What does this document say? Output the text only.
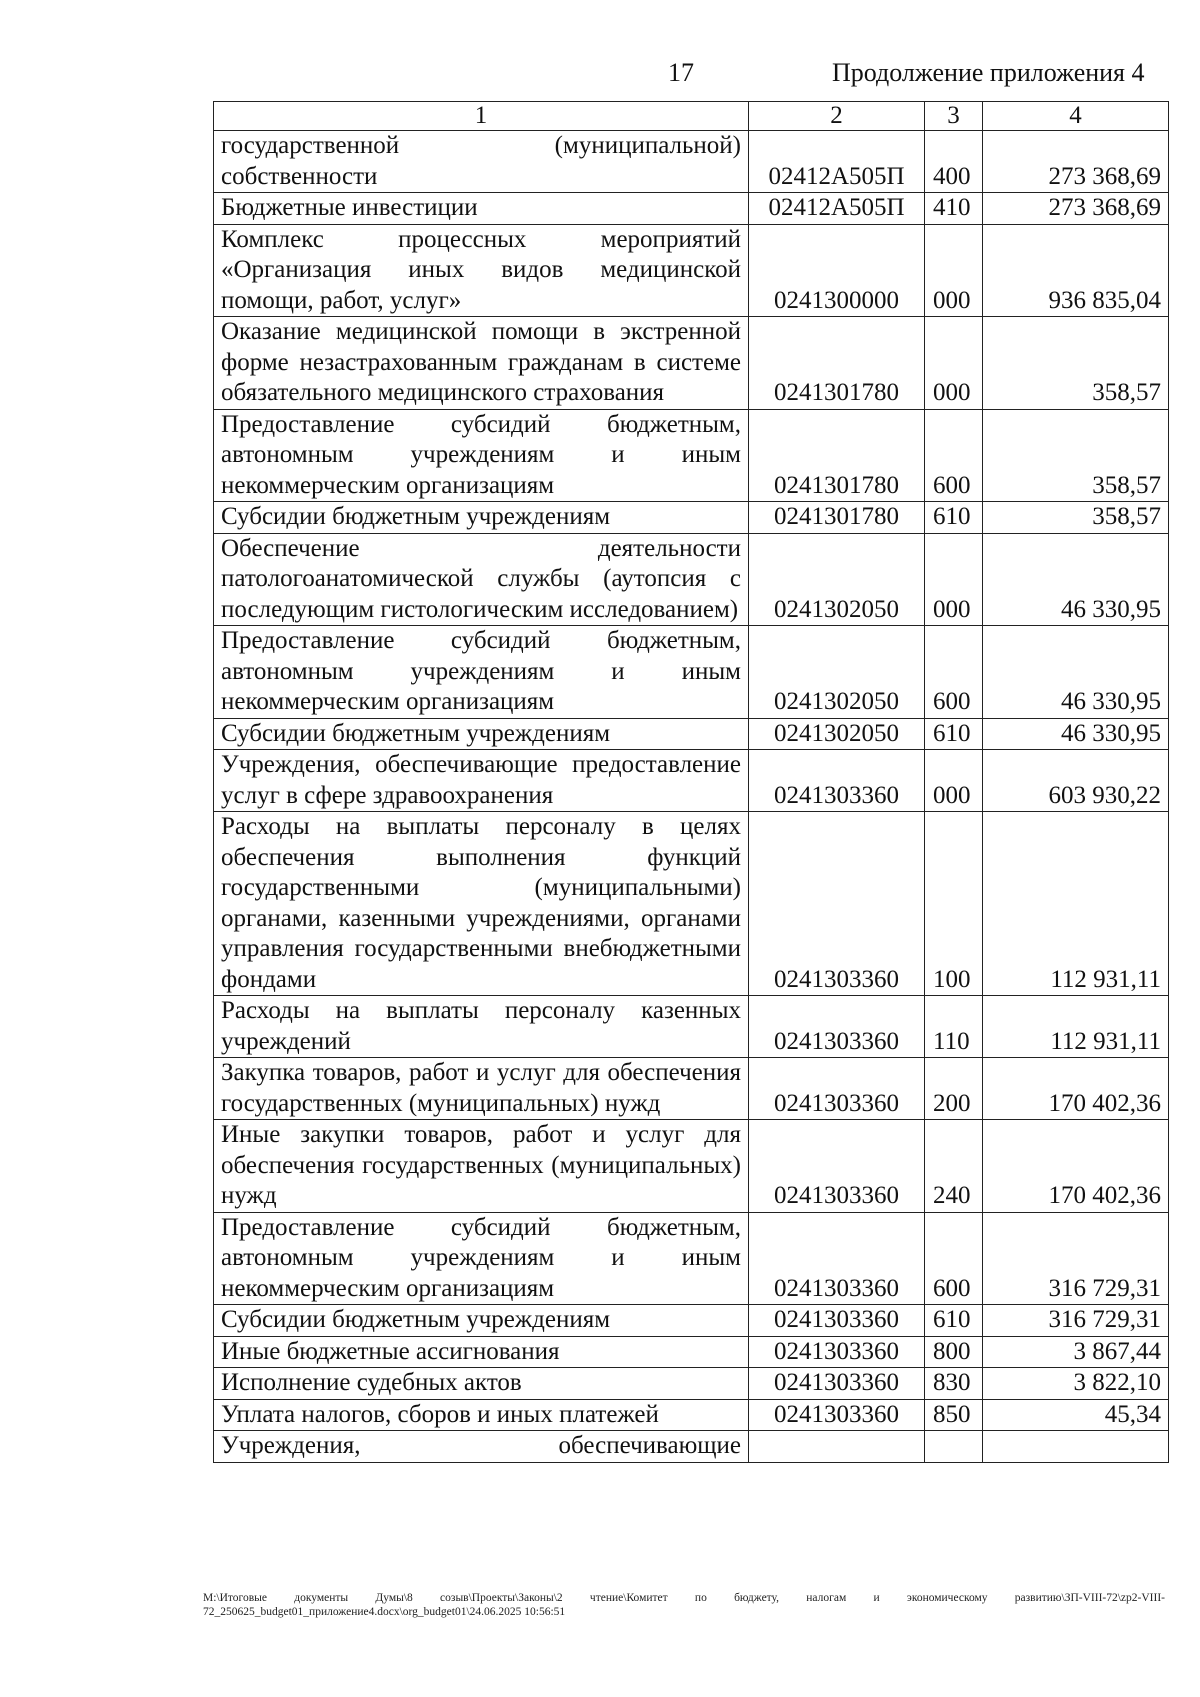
17	Продолжение приложения 4
1	2	3	4
государственной (муниципальной) собственности	02412А505П	400	273 368,69
Бюджетные инвестиции	02412А505П	410	273 368,69
Комплекс процессных мероприятий «Организация иных видов медицинской помощи, работ, услуг»	0241300000	000	936 835,04
Оказание медицинской помощи в экстренной форме незастрахованным гражданам в системе обязательного медицинского страхования	0241301780	000	358,57
Предоставление субсидий бюджетным, автономным учреждениям и иным некоммерческим организациям	0241301780	600	358,57
Субсидии бюджетным учреждениям	0241301780	610	358,57
Обеспечение деятельности патологоанатомической службы (аутопсия с последующим гистологическим исследованием)	0241302050	000	46 330,95
Предоставление субсидий бюджетным, автономным учреждениям и иным некоммерческим организациям	0241302050	600	46 330,95
Субсидии бюджетным учреждениям	0241302050	610	46 330,95
Учреждения, обеспечивающие предоставление услуг в сфере здравоохранения	0241303360	000	603 930,22
Расходы на выплаты персоналу в целях обеспечения выполнения функций государственными (муниципальными) органами, казенными учреждениями, органами управления государственными внебюджетными фондами	0241303360	100	112 931,11
Расходы на выплаты персоналу казенных учреждений	0241303360	110	112 931,11
Закупка товаров, работ и услуг для обеспечения государственных (муниципальных) нужд	0241303360	200	170 402,36
Иные закупки товаров, работ и услуг для обеспечения государственных (муниципальных) нужд	0241303360	240	170 402,36
Предоставление субсидий бюджетным, автономным учреждениям и иным некоммерческим организациям	0241303360	600	316 729,31
Субсидии бюджетным учреждениям	0241303360	610	316 729,31
Иные бюджетные ассигнования	0241303360	800	3 867,44
Исполнение судебных актов	0241303360	830	3 822,10
Уплата налогов, сборов и иных платежей	0241303360	850	45,34
Учреждения, обеспечивающие			
М:\Итоговые документы Думы\8 созыв\Проекты\Законы\2 чтение\Комитет по бюджету, налогам и экономическому развитию\ЗП-VIII-72\zp2-VIII-72_250625_budget01_приложение4.docx\org_budget01\24.06.2025 10:56:51
